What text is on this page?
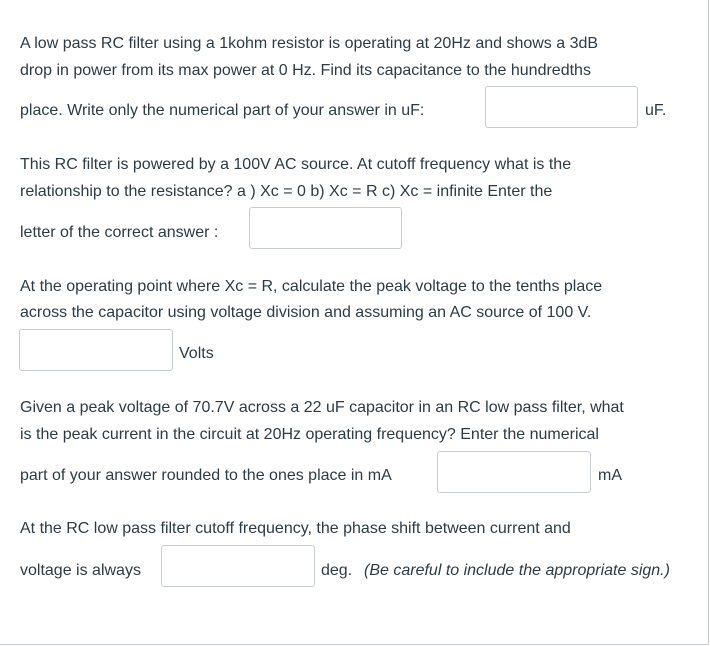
A low pass RC filter using a 1kohm resistor is operating at 20Hz and shows a 3dB
drop in power from its max power at 0 Hz. Find its capacitance to the hundredths
place. Write only the numerical part of your answer in uF:	uF.
This RC filter is powered by a 100V AC source. At cutoff frequency what is the
relationship to the resistance? a ) Xc = 0 b) Xc = R c) Xc = infinite Enter the
letter of the correct answer :
At the operating point where Xc = R, calculate the peak voltage to the tenths place
across the capacitor using voltage division and assuming an AC source of 100 V.
Volts
Given a peak voltage of 70.7V across a 22 uF capacitor in an RC low pass filter, what
is the peak current in the circuit at 20Hz operating frequency? Enter the numerical
part of your answer rounded to the ones place in mA	mA
At the RC low pass filter cutoff frequency, the phase shift between current and
voltage is always	deg. (Be careful to include the appropriate sign.)
